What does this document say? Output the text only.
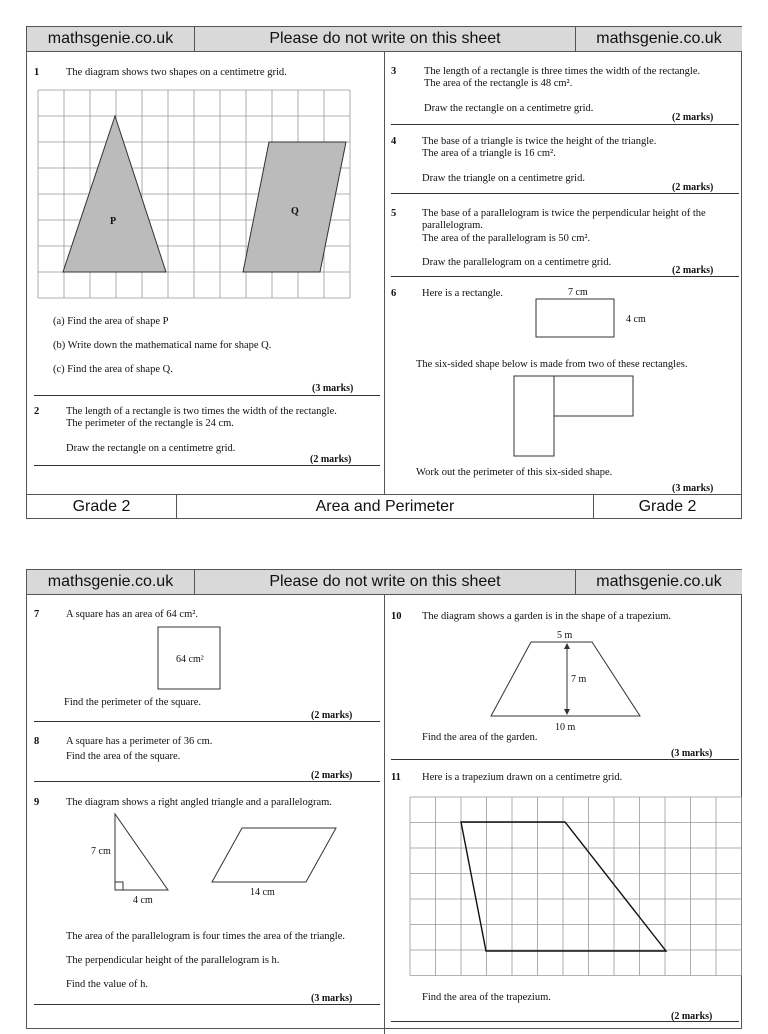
mathsgenie.co.uk	Please do not write on this sheet	mathsgenie.co.uk
Grade 2	Area and Perimeter	Grade 2
1	The diagram shows two shapes on a centimetre grid.
P
Q
(a) Find the area of shape P
(b) Write down the mathematical name for shape Q.
(c) Find the area of shape Q.
(3 marks)
2	The length of a rectangle is two times the width of the rectangle.
The perimeter of the rectangle is 24 cm.
Draw the rectangle on a centimetre grid.
(2 marks)
3	The length of a rectangle is three times the width of the rectangle.
The area of the rectangle is 48 cm².
Draw the rectangle on a centimetre grid.
(2 marks)
4 The base of a triangle is twice the height of the triangle.
The area of a triangle is 16 cm².
Draw the triangle on a centimetre grid.
(2 marks)
5 The base of a parallelogram is twice the perpendicular height of the
parallelogram.
The area of the parallelogram is 50 cm².
Draw the parallelogram on a centimetre grid.
(2 marks)
6 Here is a rectangle.	7 cm
4 cm
The six-sided shape below is made from two of these rectangles.
Work out the perimeter of this six-sided shape.
(3 marks)
mathsgenie.co.uk	Please do not write on this sheet	mathsgenie.co.uk
7	A square has an area of 64 cm².
64 cm²
Find the perimeter of the square.
(2 marks)
8	A square has a perimeter of 36 cm.
Find the area of the square.
(2 marks)
9	The diagram shows a right angled triangle and a parallelogram.
7 cm
4 cm
14 cm
The area of the parallelogram is four times the area of the triangle.
The perpendicular height of the parallelogram is h.
Find the value of h.
(3 marks)
10 The diagram shows a garden is in the shape of a trapezium.
5 m
7 m
10 m
Find the area of the garden.
(3 marks)
11 Here is a trapezium drawn on a centimetre grid.
Find the area of the trapezium.
(2 marks)
